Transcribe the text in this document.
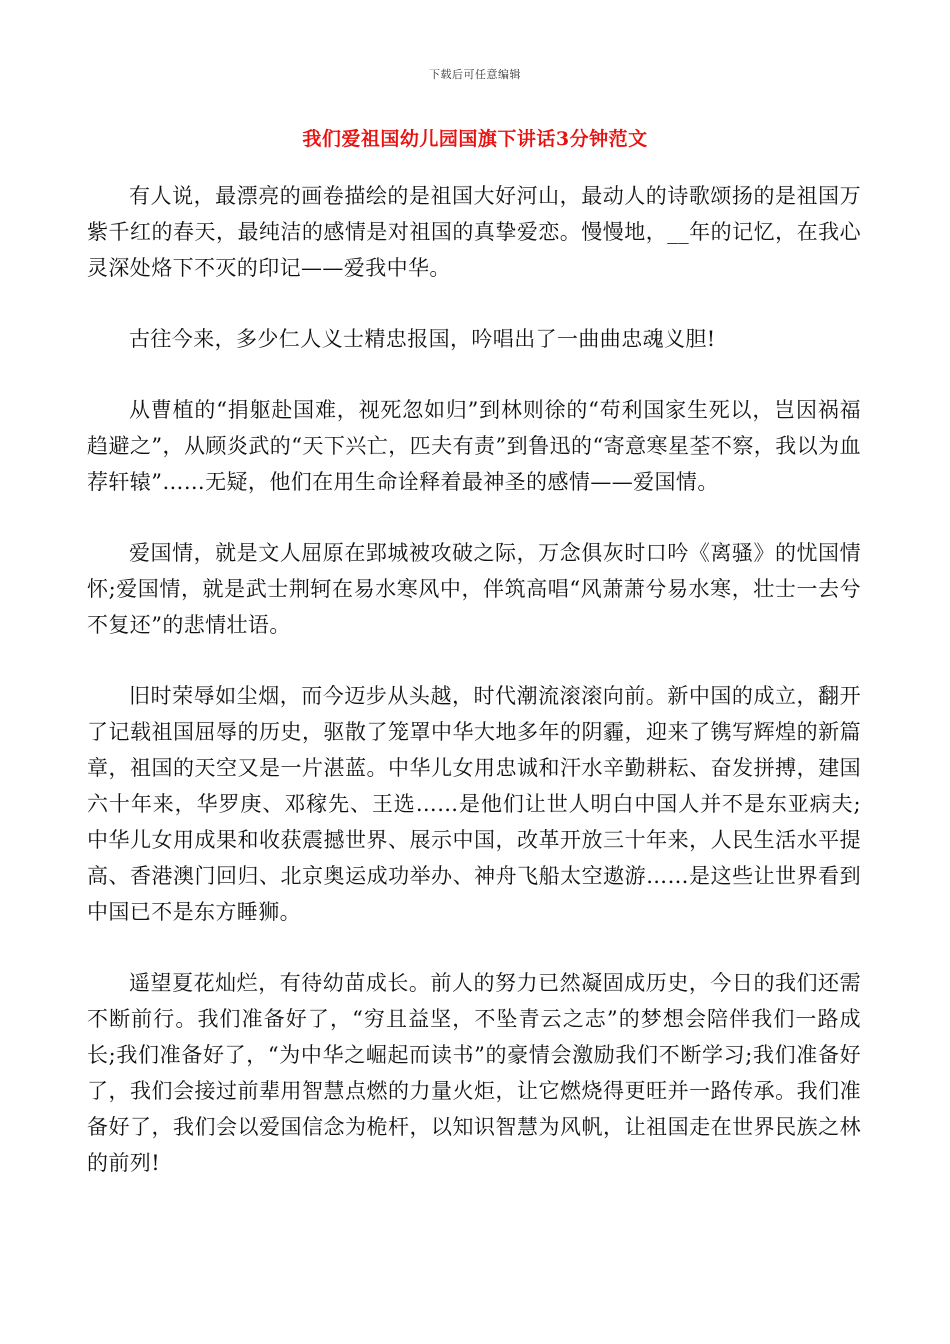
下载后可任意编辑
我们爱祖国幼儿园国旗下讲话3分钟范文

有人说，最漂亮的画卷描绘的是祖国大好河山，最动人的诗歌颂扬的是祖国万紫千红的春天，最纯洁的感情是对祖国的真挚爱恋。慢慢地，__年的记忆，在我心灵深处烙下不灭的印记——爱我中华。

古往今来，多少仁人义士精忠报国，吟唱出了一曲曲忠魂义胆!

从曹植的“捐躯赴国难，视死忽如归”到林则徐的“苟利国家生死以，岂因祸福趋避之”，从顾炎武的“天下兴亡，匹夫有责”到鲁迅的“寄意寒星荃不察，我以为血荐轩辕”……无疑，他们在用生命诠释着最神圣的感情——爱国情。

爱国情，就是文人屈原在郢城被攻破之际，万念俱灰时口吟《离骚》的忧国情怀;爱国情，就是武士荆轲在易水寒风中，伴筑高唱“风萧萧兮易水寒，壮士一去兮不复还”的悲情壮语。

旧时荣辱如尘烟，而今迈步从头越，时代潮流滚滚向前。新中国的成立，翻开了记载祖国屈辱的历史，驱散了笼罩中华大地多年的阴霾，迎来了镌写辉煌的新篇章，祖国的天空又是一片湛蓝。中华儿女用忠诚和汗水辛勤耕耘、奋发拼搏，建国六十年来，华罗庚、邓稼先、王选……是他们让世人明白中国人并不是东亚病夫;中华儿女用成果和收获震撼世界、展示中国，改革开放三十年来，人民生活水平提高、香港澳门回归、北京奥运成功举办、神舟飞船太空遨游……是这些让世界看到中国已不是东方睡狮。

遥望夏花灿烂，有待幼苗成长。前人的努力已然凝固成历史，今日的我们还需不断前行。我们准备好了，“穷且益坚，不坠青云之志”的梦想会陪伴我们一路成长;我们准备好了，“为中华之崛起而读书”的豪情会激励我们不断学习;我们准备好了，我们会接过前辈用智慧点燃的力量火炬，让它燃烧得更旺并一路传承。我们准备好了，我们会以爱国信念为桅杆，以知识智慧为风帆，让祖国走在世界民族之林的前列!
